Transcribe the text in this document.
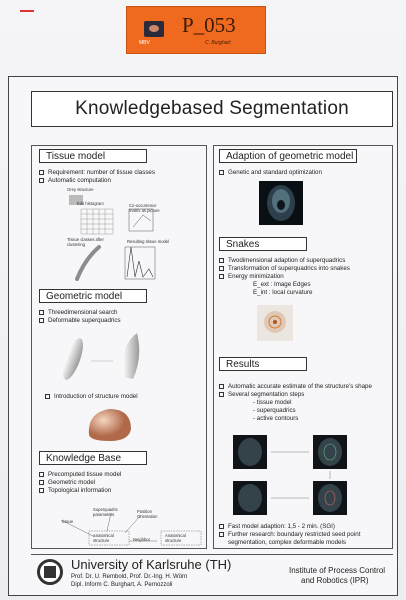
MBV
P_053
C. Burghart
Knowledgebased Segmentation
Tissue model
Requirement: number of tissue classes
Automatic computation
Grey structure
Edit histogram	Co-occurrence matrix as picture
Tissue classes after clustering
Resulting tissue model
Geometric model
Threedimensional search
Deformable superquadrics
Introduction of structure model
Knowledge Base
Precomputed tissue model
Geometric model
Topological information
Tissue
Superquadric parameters
Position Orientation
Anatomical structure	Neighbor
Anatomical structure
Adaption of geometric model
Genetic and standard optimization
Snakes
Twodimensional adaption of superquadrics
Transformation of superquadrics into snakes
Energy minimization
E_ext : Image Edges
E_int : local curvature
Results
Automatic accurate estimate of the structure's shape
Several segmentation steps
- tissue model
- superquadrics
- active contours
Fast model adaption: 1,5 - 2 min. (SGI)
Further research: boundary restricted seed point segmentation, complex deformable models
University of Karlsruhe (TH)
Prof. Dr. U. Rembold, Prof. Dr.-Ing. H. Wörn
Dipl. Inform C. Burghart, A. Pernozzoli
Institute of Process Control
and Robotics (IPR)
